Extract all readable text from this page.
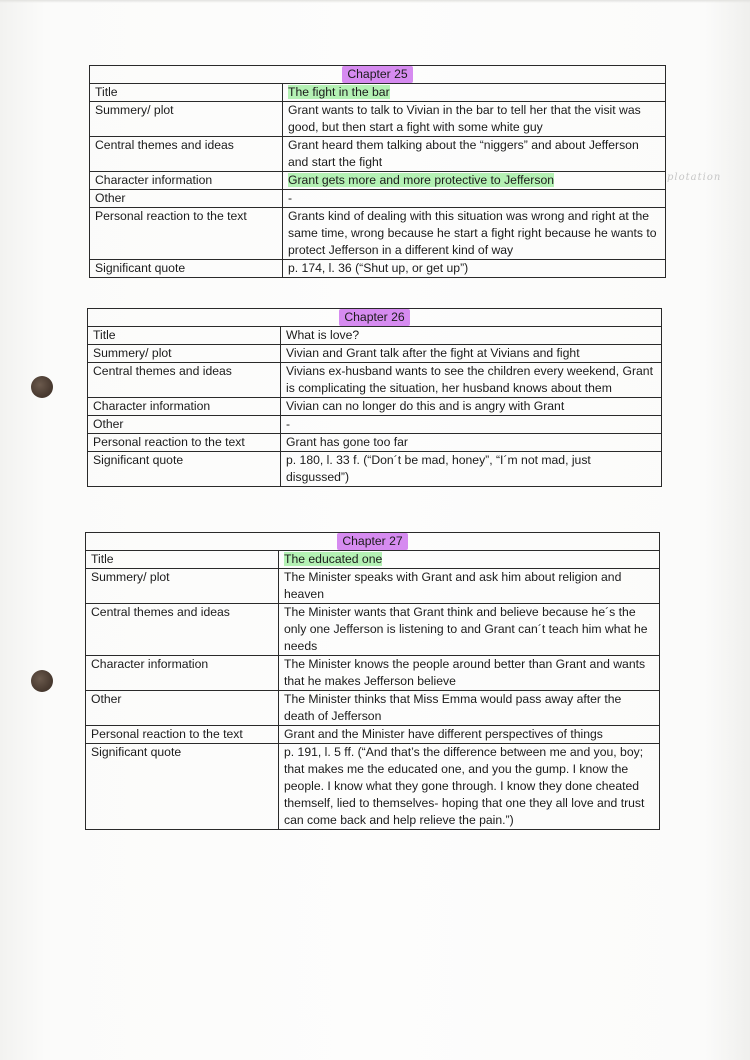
plotation
Chapter 25	
Title	The fight in the bar
Summery/ plot	Grant wants to talk to Vivian in the bar to tell her that the visit was good, but then start a fight with some white guy
Central themes and ideas	Grant heard them talking about the “niggers” and about Jefferson and start the fight
Character information	Grant gets more and more protective to Jefferson
Other	-
Personal reaction to the text	Grants kind of dealing with this situation was wrong and right at the same time, wrong because he start a fight right because he wants to protect Jefferson in a different kind of way
Significant quote	p. 174, l. 36 (“Shut up, or get up”)
Chapter 26	
Title	What is love?
Summery/ plot	Vivian and Grant talk after the fight at Vivians and fight
Central themes and ideas	Vivians ex-husband wants to see the children every weekend, Grant is complicating the situation, her husband knows about them
Character information	Vivian can no longer do this and is angry with Grant
Other	-
Personal reaction to the text	Grant has gone too far
Significant quote	p. 180, l. 33 f. (“Don´t be mad, honey”, “I´m not mad, just disgussed”)
Chapter 27	
Title	The educated one
Summery/ plot	The Minister speaks with Grant and ask him about religion and heaven
Central themes and ideas	The Minister wants that Grant think and believe because he´s the only one Jefferson is listening to and Grant can´t teach him what he needs
Character information	The Minister knows the people around better than Grant and wants that he makes Jefferson believe
Other	The Minister thinks that Miss Emma would pass away after the death of Jefferson
Personal reaction to the text	Grant and the Minister have different perspectives of things
Significant quote	p. 191, l. 5 ff. (“And that’s the difference between me and you, boy; that makes me the educated one, and you the gump. I know the people. I know what they gone through. I know they done cheated themself, lied to themselves- hoping that one they all love and trust can come back and help relieve the pain.”)
